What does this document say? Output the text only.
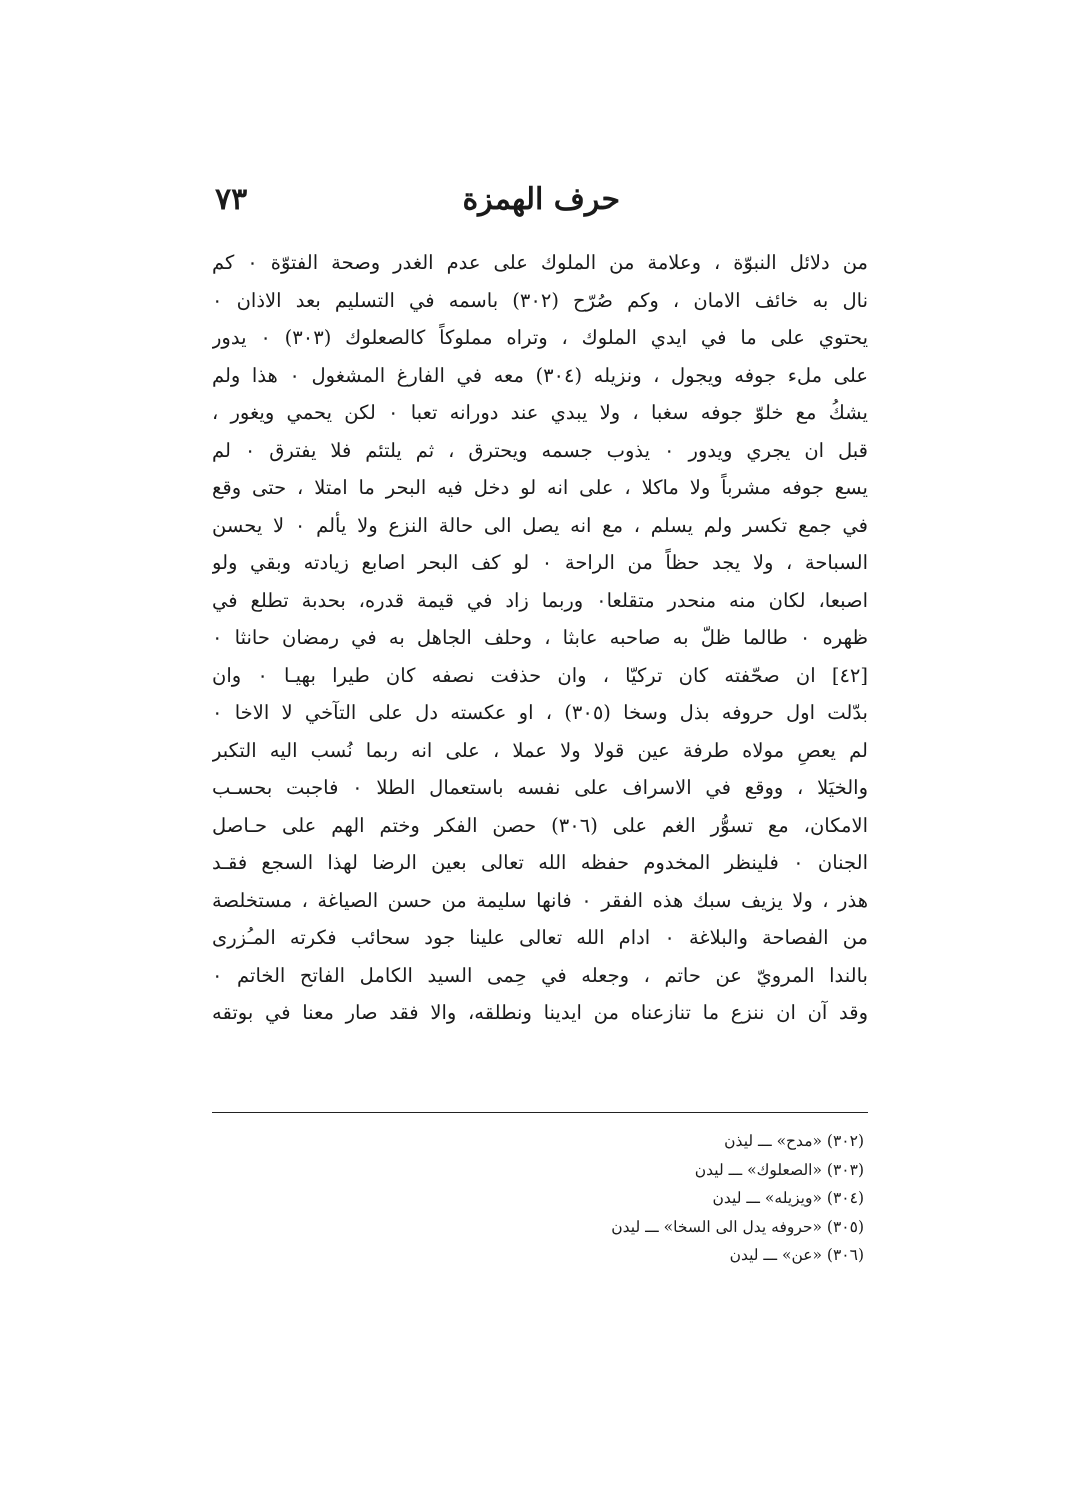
حرف الهمزة
٧٣
من دلائل النبوّة ، وعلامة من الملوك على عدم الغدر وصحة الفتوّة ٠ كم
نال به خائف الامان ، وكم صُرّح (٣٠٢) باسمه في التسليم بعد الاذان ٠
يحتوي على ما في ايدي الملوك ، وتراه مملوكاً كالصعلوك (٣٠٣) ٠ يدور
على ملء جوفه ويجول ، ونزيله (٣٠٤) معه في الفارغ المشغول ٠ هذا ولم
يشكُ مع خلوّ جوفه سغبا ، ولا يبدي عند دورانه تعبا ٠ لكن يحمي ويغور ،
قبل ان يجري ويدور ٠ يذوب جسمه ويحترق ، ثم يلتئم فلا يفترق ٠ لم
يسع جوفه مشرباً ولا ماكلا ، على انه لو دخل فيه البحر ما امتلا ، حتى وقع
في جمع تكسر ولم يسلم ، مع انه يصل الى حالة النزع ولا يألم ٠ لا يحسن
السباحة ، ولا يجد حظاً من الراحة ٠ لو كف البحر اصابع زيادته وبقي ولو
اصبعا، لكان منه منحدر متقلعا٠ وربما زاد في قيمة قدره، بحدبة تطلع في
ظهره ٠ طالما ظلّ به صاحبه عابثا ، وحلف الجاهل به في رمضان حانثا ٠
[٤٢] ان صحّفته كان تركيّا ، وان حذفت نصفه كان طيرا بهيـا ٠ وان
بدّلت اول حروفه بذل وسخا (٣٠٥) ، او عكسته دل على التآخي لا الاخا ٠
لم يعصِ مولاه طرفة عين قولا ولا عملا ، على انه ربما نُسب اليه التكبر
والخيَلا ، ووقع في الاسراف على نفسه باستعمال الطلا ٠ فاجبت بحسـب
الامكان، مع تسوُّر الغم على (٣٠٦) حصن الفكر وختم الهم على حـاصل
الجنان ٠ فلينظر المخدوم حفظه الله تعالى بعين الرضا لهذا السجع فقـد
هذر ، ولا يزيف سبك هذه الفقر ٠ فانها سليمة من حسن الصياغة ، مستخلصة
من الفصاحة والبلاغة ٠ ادام الله تعالى علينا جود سحائب فكرته المـُزرى
بالندا المرويّ عن حاتم ، وجعله في حِمى السيد الكامل الفاتح الخاتم ٠
وقد آن ان ننزع ما تنازعناه من ايدينا ونطلقه، والا فقد صار معنا في بوتقه
(٣٠٢) «مدح» ـــ ليذن
(٣٠٣) «الصعلوك» ـــ ليدن
(٣٠٤) «ويزيله» ـــ ليدن
(٣٠٥) «حروفه يدل الى السخا» ـــ ليدن
(٣٠٦) «عن» ـــ ليدن
